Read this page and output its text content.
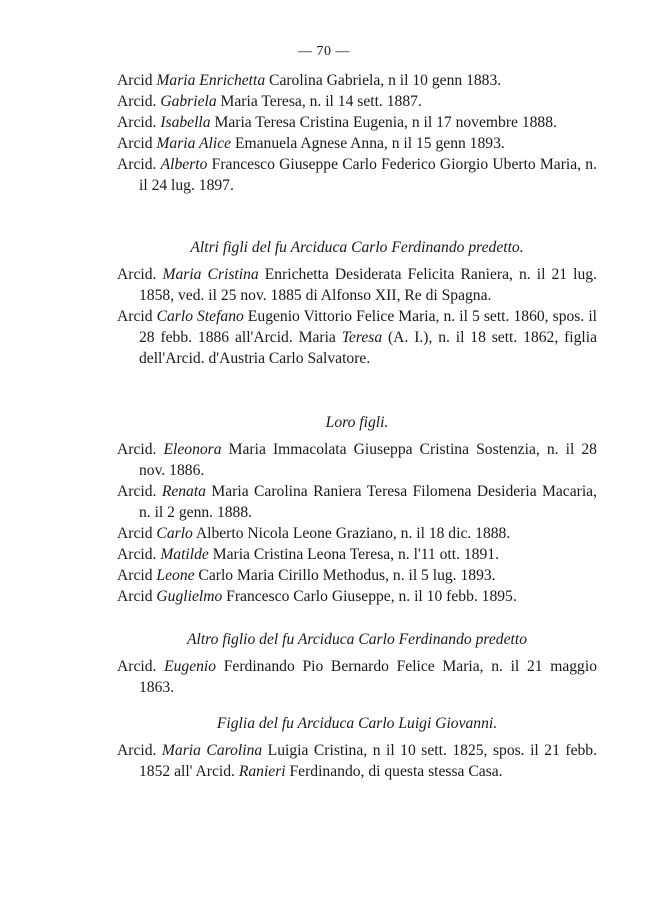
— 70 —

Arcid Maria Enrichetta Carolina Gabriela, n il 10 genn 1883.

Arcid. Gabriela Maria Teresa, n. il 14 sett. 1887.

Arcid. Isabella Maria Teresa Cristina Eugenia, n il 17 novembre 1888.

Arcid Maria Alice Emanuela Agnese Anna, n il 15 genn 1893.

Arcid. Alberto Francesco Giuseppe Carlo Federico Giorgio Uberto Maria, n. il 24 lug. 1897.

Altri figli del fu Arciduca Carlo Ferdinando predetto.

Arcid. Maria Cristina Enrichetta Desiderata Felicita Raniera, n. il 21 lug. 1858, ved. il 25 nov. 1885 di Alfonso XII, Re di Spagna.

Arcid Carlo Stefano Eugenio Vittorio Felice Maria, n. il 5 sett. 1860, spos. il 28 febb. 1886 all'Arcid. Maria Teresa (A. I.), n. il 18 sett. 1862, figlia dell'Arcid. d'Austria Carlo Salvatore.

Loro figli.

Arcid. Eleonora Maria Immacolata Giuseppa Cristina Sostenzia, n. il 28 nov. 1886.

Arcid. Renata Maria Carolina Raniera Teresa Filomena Desideria Macaria, n. il 2 genn. 1888.

Arcid Carlo Alberto Nicola Leone Graziano, n. il 18 dic. 1888.

Arcid. Matilde Maria Cristina Leona Teresa, n. l'11 ott. 1891.

Arcid Leone Carlo Maria Cirillo Methodus, n. il 5 lug. 1893.

Arcid Guglielmo Francesco Carlo Giuseppe, n. il 10 febb. 1895.

Altro figlio del fu Arciduca Carlo Ferdinando predetto

Arcid. Eugenio Ferdinando Pio Bernardo Felice Maria, n. il 21 maggio 1863.

Figlia del fu Arciduca Carlo Luigi Giovanni.

Arcid. Maria Carolina Luigia Cristina, n il 10 sett. 1825, spos. il 21 febb. 1852 all' Arcid. Ranieri Ferdinando, di questa stessa Casa.
